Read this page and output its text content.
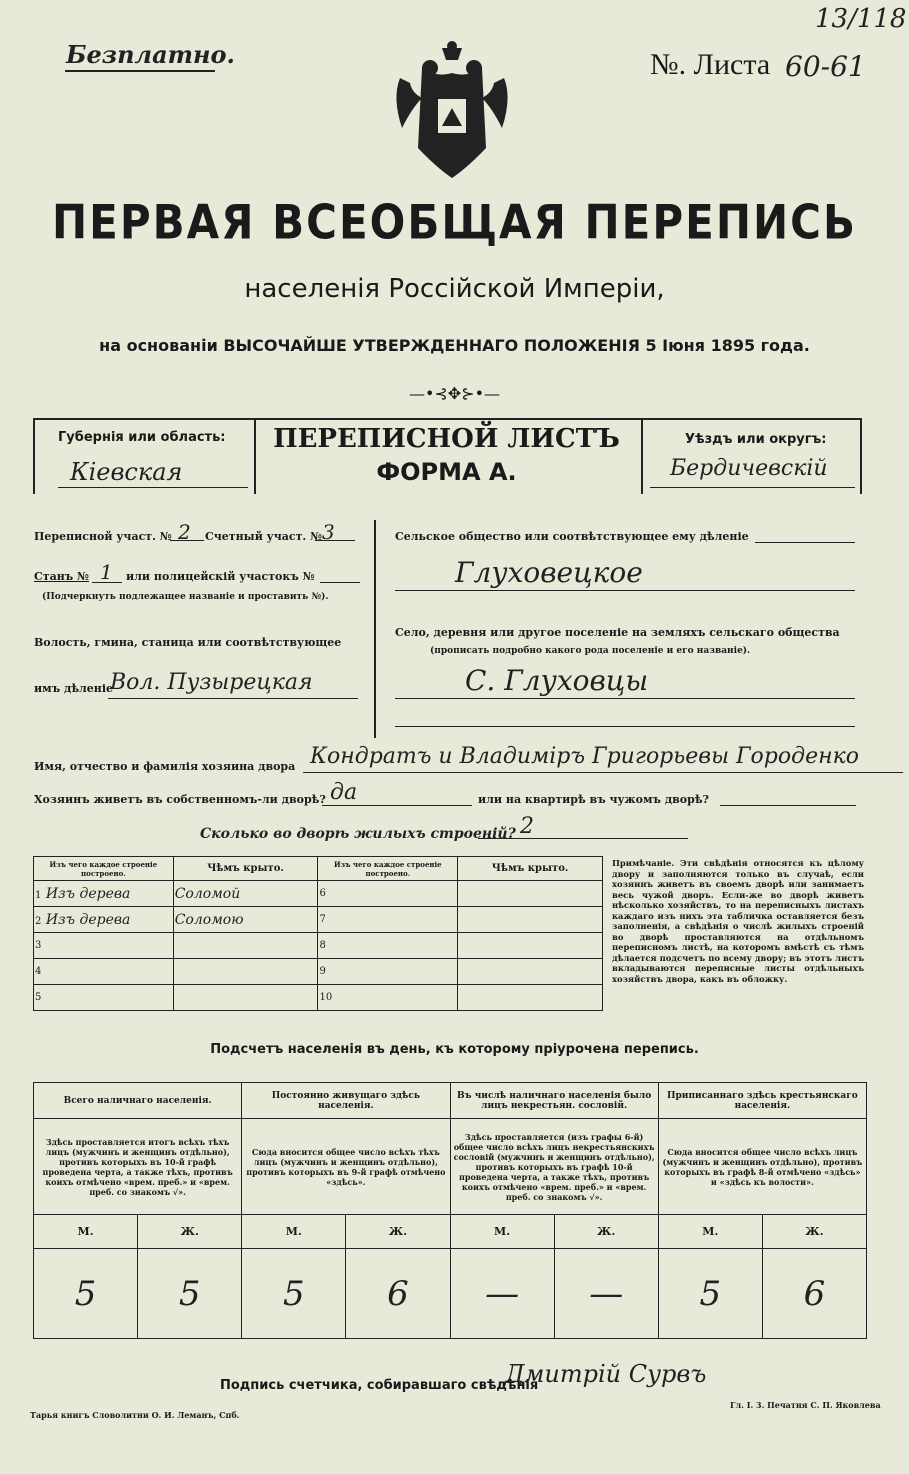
Безплатно.	№. Листа 60-61
13/118
ПЕРВАЯ ВСЕОБЩАЯ ПЕРЕПИСЬ
населенія Россійской Имперіи,
на основаніи ВЫСОЧАЙШЕ УТВЕРЖДЕННАГО ПОЛОЖЕНІЯ 5 Іюня 1895 года.
—•⊰✥⊱•—
Губернія или область:
Кіевская
ПЕРЕПИСНОЙ ЛИСТЪ
ФОРМА А.
Уѣздъ или округъ:
Бердичевскій
Переписной участ. № 2 Счетный участ. № 3
Станъ № 1 или полицейскій участокъ №
(Подчеркнуть подлежащее названіе и проставить №).
Волость, гмина, станица или соотвѣтствующее
имъ дѣленіе
Вол. Пузырецкая
Сельское общество или соотвѣтствующее ему дѣленіе
Глуховецкое
Село, деревня или другое поселеніе на земляхъ сельскаго общества
(прописать подробно какого рода поселеніе и его названіе).
С. Глуховцы
Имя, отчество и фамилія хозяина двора Кондратъ и Владиміръ Григорьевы Городенко
Хозяинъ живетъ въ собственномъ-ли дворѣ? да	или на квартирѣ въ чужомъ дворѣ?
Сколько во дворѣ жилыхъ строеній? 2
Изъ чего каждое строеніе построено.	Чѣмъ крыто.	Изъ чего каждое строеніе построено.	Чѣмъ крыто.
1 Изъ дерева	Соломой	6	
2 Изъ дерева	Соломою	7	
3		8	
4		9	
5		10	
Примѣчаніе. Эти свѣдѣнія относятся къ цѣлому двору и заполняются только въ случаѣ, если хозяинъ живетъ въ своемъ дворѣ или занимаетъ весь чужой дворъ. Если-же во дворѣ живетъ нѣсколько хозяйствъ, то на переписныхъ листахъ каждаго изъ нихъ эта табличка оставляется безъ заполненія, а свѣдѣнія о числѣ жилыхъ строеній во дворѣ проставляются на отдѣльномъ переписномъ листѣ, на которомъ вмѣстѣ съ тѣмъ дѣлается подсчетъ по всему двору; въ этотъ листъ вкладываются переписные листы отдѣльныхъ хозяйствъ двора, какъ въ обложку.
Подсчетъ населенія въ день, къ которому пріурочена перепись.
Всего наличнаго населенія.		Постоянно живущаго здѣсь населенія.		Въ числѣ наличнаго населенія было лицъ некрестьян. сословій.		Приписаннаго здѣсь крестьянскаго населенія.	
Здѣсь проставляется итогъ всѣхъ тѣхъ лицъ (мужчинъ и женщинъ отдѣльно), противъ которыхъ въ 10-й графѣ проведена черта, а также тѣхъ, противъ коихъ отмѣчено «врем. преб.» и «врем. преб. со знакомъ √».		Сюда вносится общее число всѣхъ тѣхъ лицъ (мужчинъ и женщинъ отдѣльно), противъ которыхъ въ 9-й графѣ отмѣчено «здѣсь».		Здѣсь проставляется (изъ графы 6-й) общее число всѣхъ лицъ некрестьянскихъ сословій (мужчинъ и женщинъ отдѣльно), противъ которыхъ въ графѣ 10-й проведена черта, а также тѣхъ, противъ коихъ отмѣчено «врем. преб.» и «врем. преб. со знакомъ √».		Сюда вносится общее число всѣхъ лицъ (мужчинъ и женщинъ отдѣльно), противъ которыхъ въ графѣ 8-й отмѣчено «здѣсь» и «здѣсь къ волости».	
М.	Ж.	М.	Ж.	М.	Ж.	М.	Ж.
5	5	5	6	—	—	5	6
Подпись счетчика, собиравшаго свѣдѣнія
Дмитрій Сурвъ
Тарья книгъ Словолитни О. И. Леманъ, Спб.
Гл. I. 3. Печатня С. П. Яковлева
